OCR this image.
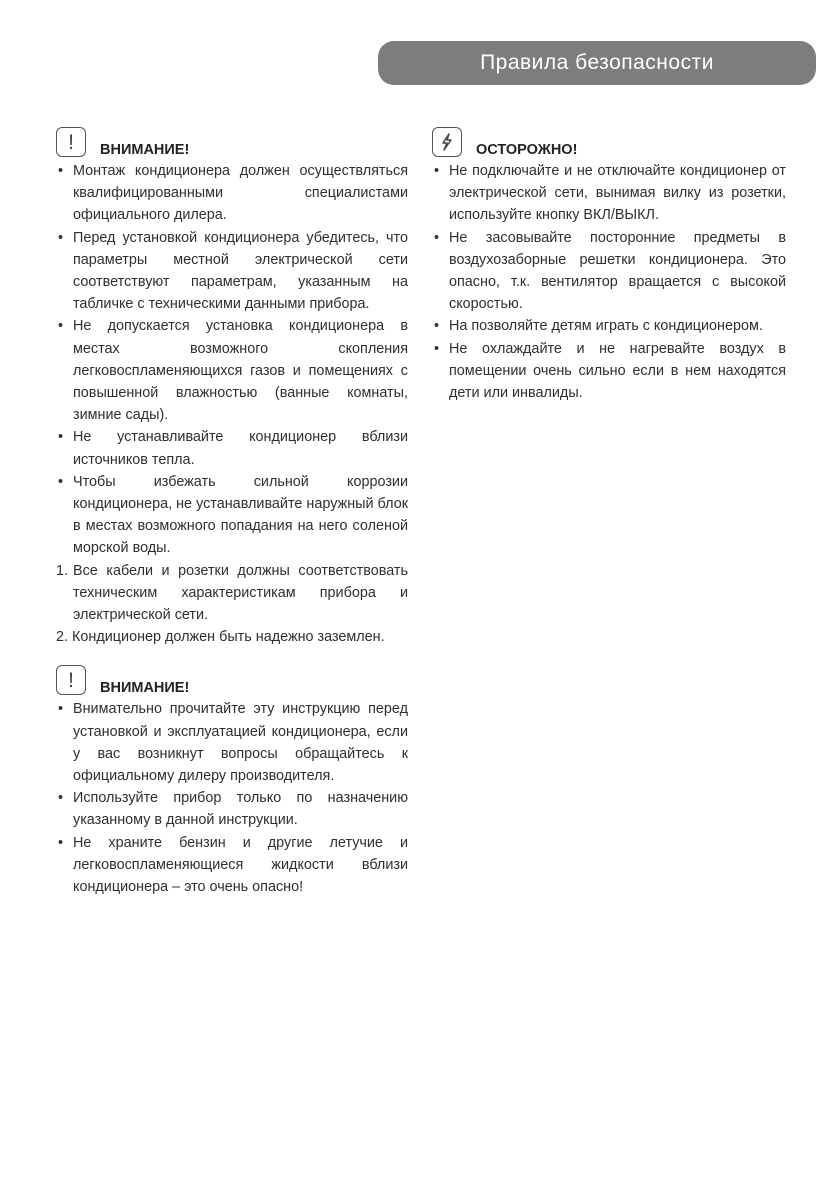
Правила безопасности
!	ВНИМАНИЕ!
• Монтаж кондиционера должен осуществляться квалифицированными специалистами официального дилера.
• Перед установкой кондиционера убедитесь, что параметры местной электрической сети соответствуют параметрам, указанным на табличке с техническими данными прибора.
• Не допускается установка кондиционера в местах возможного скопления легковоспламеняющихся газов и помещениях с повышенной влажностью (ванные комнаты, зимние сады).
• Не устанавливайте кондиционер вблизи источников тепла.
• Чтобы избежать сильной коррозии кондиционера, не устанавливайте наружный блок в местах возможного попадания на него соленой морской воды.
1. Все кабели и розетки должны соответствовать техническим характеристикам прибора и электрической сети.
2. Кондиционер должен быть надежно заземлен.
!	ВНИМАНИЕ!
• Внимательно прочитайте эту инструкцию перед установкой и эксплуатацией кондиционера, если у вас возникнут вопросы обращайтесь к официальному дилеру производителя.
• Используйте прибор только по назначению указанному в данной инструкции.
• Не храните бензин и другие летучие и легковоспламеняющиеся жидкости вблизи кондиционера – это очень опасно!
ОСТОРОЖНО!
• Не подключайте и не отключайте кондиционер от электрической сети, вынимая вилку из розетки, используйте кнопку ВКЛ/ВЫКЛ.
• Не засовывайте посторонние предметы в воздухозаборные решетки кондиционера. Это опасно, т.к. вентилятор вращается с высокой скоростью.
• На позволяйте детям играть с кондиционером.
• Не охлаждайте и не нагревайте воздух в помещении очень сильно если в нем находятся дети или инвалиды.
